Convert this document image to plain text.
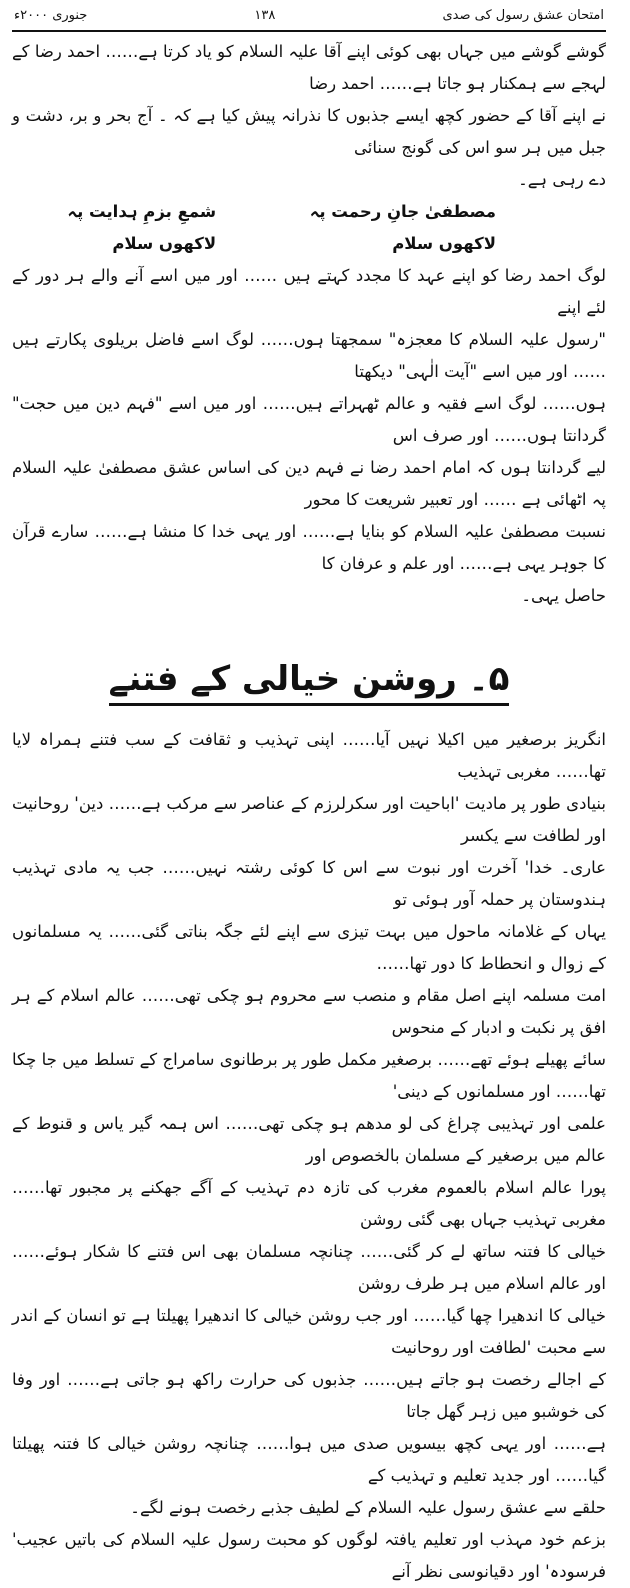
امتحان عشق رسول کی صدی
۱۳۸
جنوری ۲۰۰۰ء

گوشے گوشے میں جہاں بھی کوئی اپنے آقا علیہ السلام کو یاد کرتا ہے…… احمد رضا کے لہجے سے ہمکنار ہو جاتا ہے…… احمد رضا

نے اپنے آقا کے حضور کچھ ایسے جذبوں کا نذرانہ پیش کیا ہے کہ ۔ آج بحر و بر، دشت و جبل میں ہر سو اس کی گونج سنائی

دے رہی ہے۔

مصطفیٰ جانِ رحمت پہ لاکھوں سلام
شمعِ بزمِ ہدایت پہ لاکھوں سلام

لوگ احمد رضا کو اپنے عہد کا مجدد کہتے ہیں …… اور میں اسے آنے والے ہر دور کے لئے اپنے

"رسول علیہ السلام کا معجزہ" سمجھتا ہوں…… لوگ اسے فاضل بریلوی پکارتے ہیں …… اور میں اسے "آیت الٰہی" دیکھتا

ہوں…… لوگ اسے فقیہ و عالم ٹھہراتے ہیں…… اور میں اسے "فہم دین میں حجت" گردانتا ہوں…… اور صرف اس

لیے گردانتا ہوں کہ امام احمد رضا نے فہم دین کی اساس عشق مصطفیٰ علیہ السلام پہ اٹھائی ہے …… اور تعبیر شریعت کا محور

نسبت مصطفیٰ علیہ السلام کو بنایا ہے…… اور یہی خدا کا منشا ہے…… سارے قرآن کا جوہر یہی ہے…… اور علم و عرفان کا

حاصل یہی۔

۵۔ روشن خیالی کے فتنے

انگریز برصغیر میں اکیلا نہیں آیا…… اپنی تہذیب و ثقافت کے سب فتنے ہمراہ لایا تھا…… مغربی تہذیب

بنیادی طور پر مادیت 'اباحیت اور سکرلرزم کے عناصر سے مرکب ہے…… دین' روحانیت اور لطافت سے یکسر

عاری۔ خدا' آخرت اور نبوت سے اس کا کوئی رشتہ نہیں…… جب یہ مادی تہذیب ہندوستان پر حملہ آور ہوئی تو

یہاں کے غلامانہ ماحول میں بہت تیزی سے اپنے لئے جگہ بناتی گئی…… یہ مسلمانوں کے زوال و انحطاط کا دور تھا……

امت مسلمہ اپنے اصل مقام و منصب سے محروم ہو چکی تھی…… عالم اسلام کے ہر افق پر نکبت و ادبار کے منحوس

سائے پھیلے ہوئے تھے…… برصغیر مکمل طور پر برطانوی سامراج کے تسلط میں جا چکا تھا…… اور مسلمانوں کے دینی'

علمی اور تہذیبی چراغ کی لو مدھم ہو چکی تھی…… اس ہمہ گیر یاس و قنوط کے عالم میں برصغیر کے مسلمان بالخصوص اور

پورا عالم اسلام بالعموم مغرب کی تازہ دم تہذیب کے آگے جھکنے پر مجبور تھا…… مغربی تہذیب جہاں بھی گئی روشن

خیالی کا فتنہ ساتھ لے کر گئی…… چنانچہ مسلمان بھی اس فتنے کا شکار ہوئے…… اور عالم اسلام میں ہر طرف روشن

خیالی کا اندھیرا چھا گیا…… اور جب روشن خیالی کا اندھیرا پھیلتا ہے تو انسان کے اندر سے محبت 'لطافت اور روحانیت

کے اجالے رخصت ہو جاتے ہیں…… جذبوں کی حرارت راکھ ہو جاتی ہے…… اور وفا کی خوشبو میں زہر گھل جاتا

ہے…… اور یہی کچھ بیسویں صدی میں ہوا…… چنانچہ روشن خیالی کا فتنہ پھیلتا گیا…… اور جدید تعلیم و تہذیب کے

حلقے سے عشق رسول علیہ السلام کے لطیف جذبے رخصت ہونے لگے۔

بزعم خود مہذب اور تعلیم یافتہ لوگوں کو محبت رسول علیہ السلام کی باتیں عجیب' فرسودہ' اور دقیانوسی نظر آنے
